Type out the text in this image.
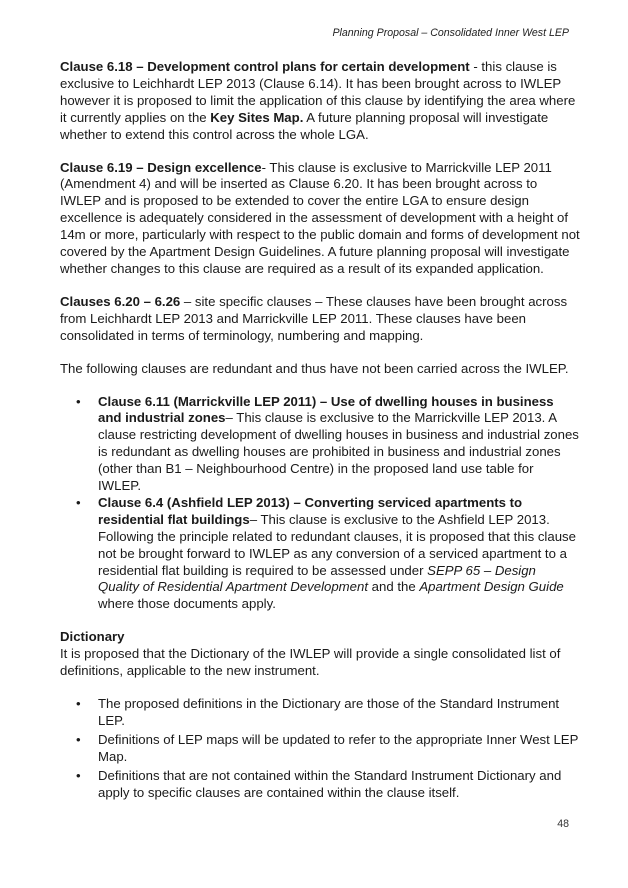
Planning Proposal – Consolidated Inner West LEP

Clause 6.18 – Development control plans for certain development - this clause is exclusive to Leichhardt LEP 2013 (Clause 6.14). It has been brought across to IWLEP however it is proposed to limit the application of this clause by identifying the area where it currently applies on the Key Sites Map. A future planning proposal will investigate whether to extend this control across the whole LGA.

Clause 6.19 – Design excellence- This clause is exclusive to Marrickville LEP 2011 (Amendment 4) and will be inserted as Clause 6.20. It has been brought across to IWLEP and is proposed to be extended to cover the entire LGA to ensure design excellence is adequately considered in the assessment of development with a height of 14m or more, particularly with respect to the public domain and forms of development not covered by the Apartment Design Guidelines. A future planning proposal will investigate whether changes to this clause are required as a result of its expanded application.

Clauses 6.20 – 6.26 – site specific clauses – These clauses have been brought across from Leichhardt LEP 2013 and Marrickville LEP 2011. These clauses have been consolidated in terms of terminology, numbering and mapping.

The following clauses are redundant and thus have not been carried across the IWLEP.

• Clause 6.11 (Marrickville LEP 2011) – Use of dwelling houses in business and industrial zones– This clause is exclusive to the Marrickville LEP 2013. A clause restricting development of dwelling houses in business and industrial zones is redundant as dwelling houses are prohibited in business and industrial zones (other than B1 – Neighbourhood Centre) in the proposed land use table for IWLEP.
• Clause 6.4 (Ashfield LEP 2013) – Converting serviced apartments to residential flat buildings– This clause is exclusive to the Ashfield LEP 2013. Following the principle related to redundant clauses, it is proposed that this clause not be brought forward to IWLEP as any conversion of a serviced apartment to a residential flat building is required to be assessed under SEPP 65 – Design Quality of Residential Apartment Development and the Apartment Design Guide where those documents apply.

Dictionary
It is proposed that the Dictionary of the IWLEP will provide a single consolidated list of definitions, applicable to the new instrument.

• The proposed definitions in the Dictionary are those of the Standard Instrument LEP.
• Definitions of LEP maps will be updated to refer to the appropriate Inner West LEP Map.
• Definitions that are not contained within the Standard Instrument Dictionary and apply to specific clauses are contained within the clause itself.
48
